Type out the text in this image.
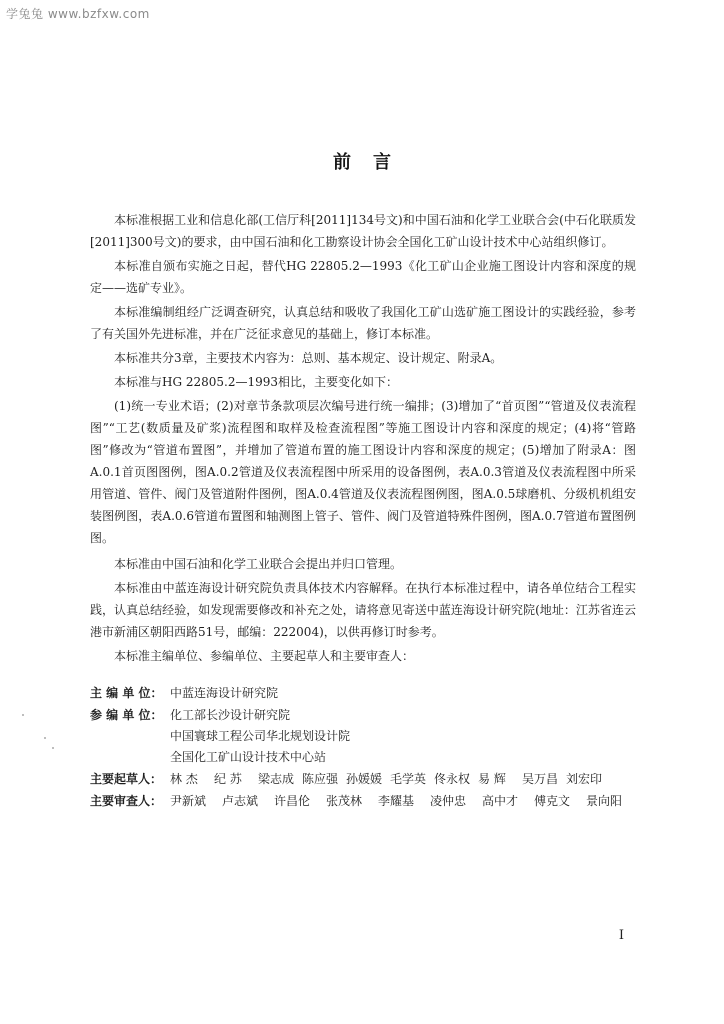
学兔兔 www.bzfxw.com
前言

本标准根据工业和信息化部(工信厅科[2011]134号文)和中国石油和化学工业联合会(中石化联质发[2011]300号文)的要求，由中国石油和化工勘察设计协会全国化工矿山设计技术中心站组织修订。

本标准自颁布实施之日起，替代HG 22805.2—1993《化工矿山企业施工图设计内容和深度的规定——选矿专业》。

本标准编制组经广泛调查研究，认真总结和吸收了我国化工矿山选矿施工图设计的实践经验，参考了有关国外先进标准，并在广泛征求意见的基础上，修订本标准。

本标准共分3章，主要技术内容为：总则、基本规定、设计规定、附录A。

本标准与HG 22805.2—1993相比，主要变化如下：

(1)统一专业术语；(2)对章节条款项层次编号进行统一编排；(3)增加了“首页图”“管道及仪表流程图”“工艺(数质量及矿浆)流程图和取样及检查流程图”等施工图设计内容和深度的规定；(4)将“管路图”修改为“管道布置图”，并增加了管道布置的施工图设计内容和深度的规定；(5)增加了附录A：图A.0.1首页图图例，图A.0.2管道及仪表流程图中所采用的设备图例，表A.0.3管道及仪表流程图中所采用管道、管件、阀门及管道附件图例，图A.0.4管道及仪表流程图例图，图A.0.5球磨机、分级机机组安装图例图，表A.0.6管道布置图和轴测图上管子、管件、阀门及管道特殊件图例，图A.0.7管道布置图例图。

本标准由中国石油和化学工业联合会提出并归口管理。

本标准由中蓝连海设计研究院负责具体技术内容解释。在执行本标准过程中，请各单位结合工程实践，认真总结经验，如发现需要修改和补充之处，请将意见寄送中蓝连海设计研究院(地址：江苏省连云港市新浦区朝阳西路51号，邮编：222004)，以供再修订时参考。

本标准主编单位、参编单位、主要起草人和主要审查人：

主 编 单 位： 中蓝连海设计研究院
参 编 单 位： 化工部长沙设计研究院
中国寰球工程公司华北规划设计院
全国化工矿山设计技术中心站
主要起草人： 林 杰	纪 苏	梁志成 陈应强 孙媛媛 毛学英 佟永权 易 辉	吴万昌 刘宏印
主要审查人： 尹新斌	卢志斌	许昌伦	张茂林	李耀基	凌仲忠	高中才	傅克文	景向阳
I
